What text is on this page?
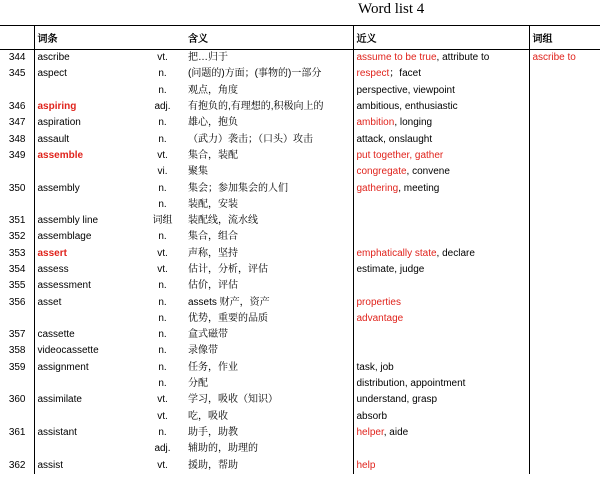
Word list 4
	词条		含义	近义	词组
344	ascribe	vt.	把…归于	assume to be true, attribute to	ascribe to
345	aspect	n.	(问题的)方面；(事物的)一部分	respect；facet	
		n.	观点，角度	perspective, viewpoint	
346	aspiring	adj.	有抱负的,有理想的,积极向上的	ambitious, enthusiastic	
347	aspiration	n.	雄心，抱负	ambition, longing	
348	assault	n.	（武力）袭击；（口头）攻击	attack, onslaught	
349	assemble	vt.	集合，装配	put together, gather	
		vi.	聚集	congregate, convene	
350	assembly	n.	集会；参加集会的人们	gathering, meeting	
		n.	装配，安装		
351	assembly line	词组	装配线，流水线		
352	assemblage	n.	集合，组合		
353	assert	vt.	声称，坚持	emphatically state, declare	
354	assess	vt.	估计，分析，评估	estimate, judge	
355	assessment	n.	估价，评估		
356	asset	n.	assets 财产，资产	properties	
		n.	优势，重要的品质	advantage	
357	cassette	n.	盒式磁带		
358	videocassette	n.	录像带		
359	assignment	n.	任务，作业	task, job	
		n.	分配	distribution, appointment	
360	assimilate	vt.	学习，吸收（知识）	understand, grasp	
		vt.	吃，吸收	absorb	
361	assistant	n.	助手，助教	helper, aide	
		adj.	辅助的，助理的		
362	assist	vt.	援助，帮助	help	
